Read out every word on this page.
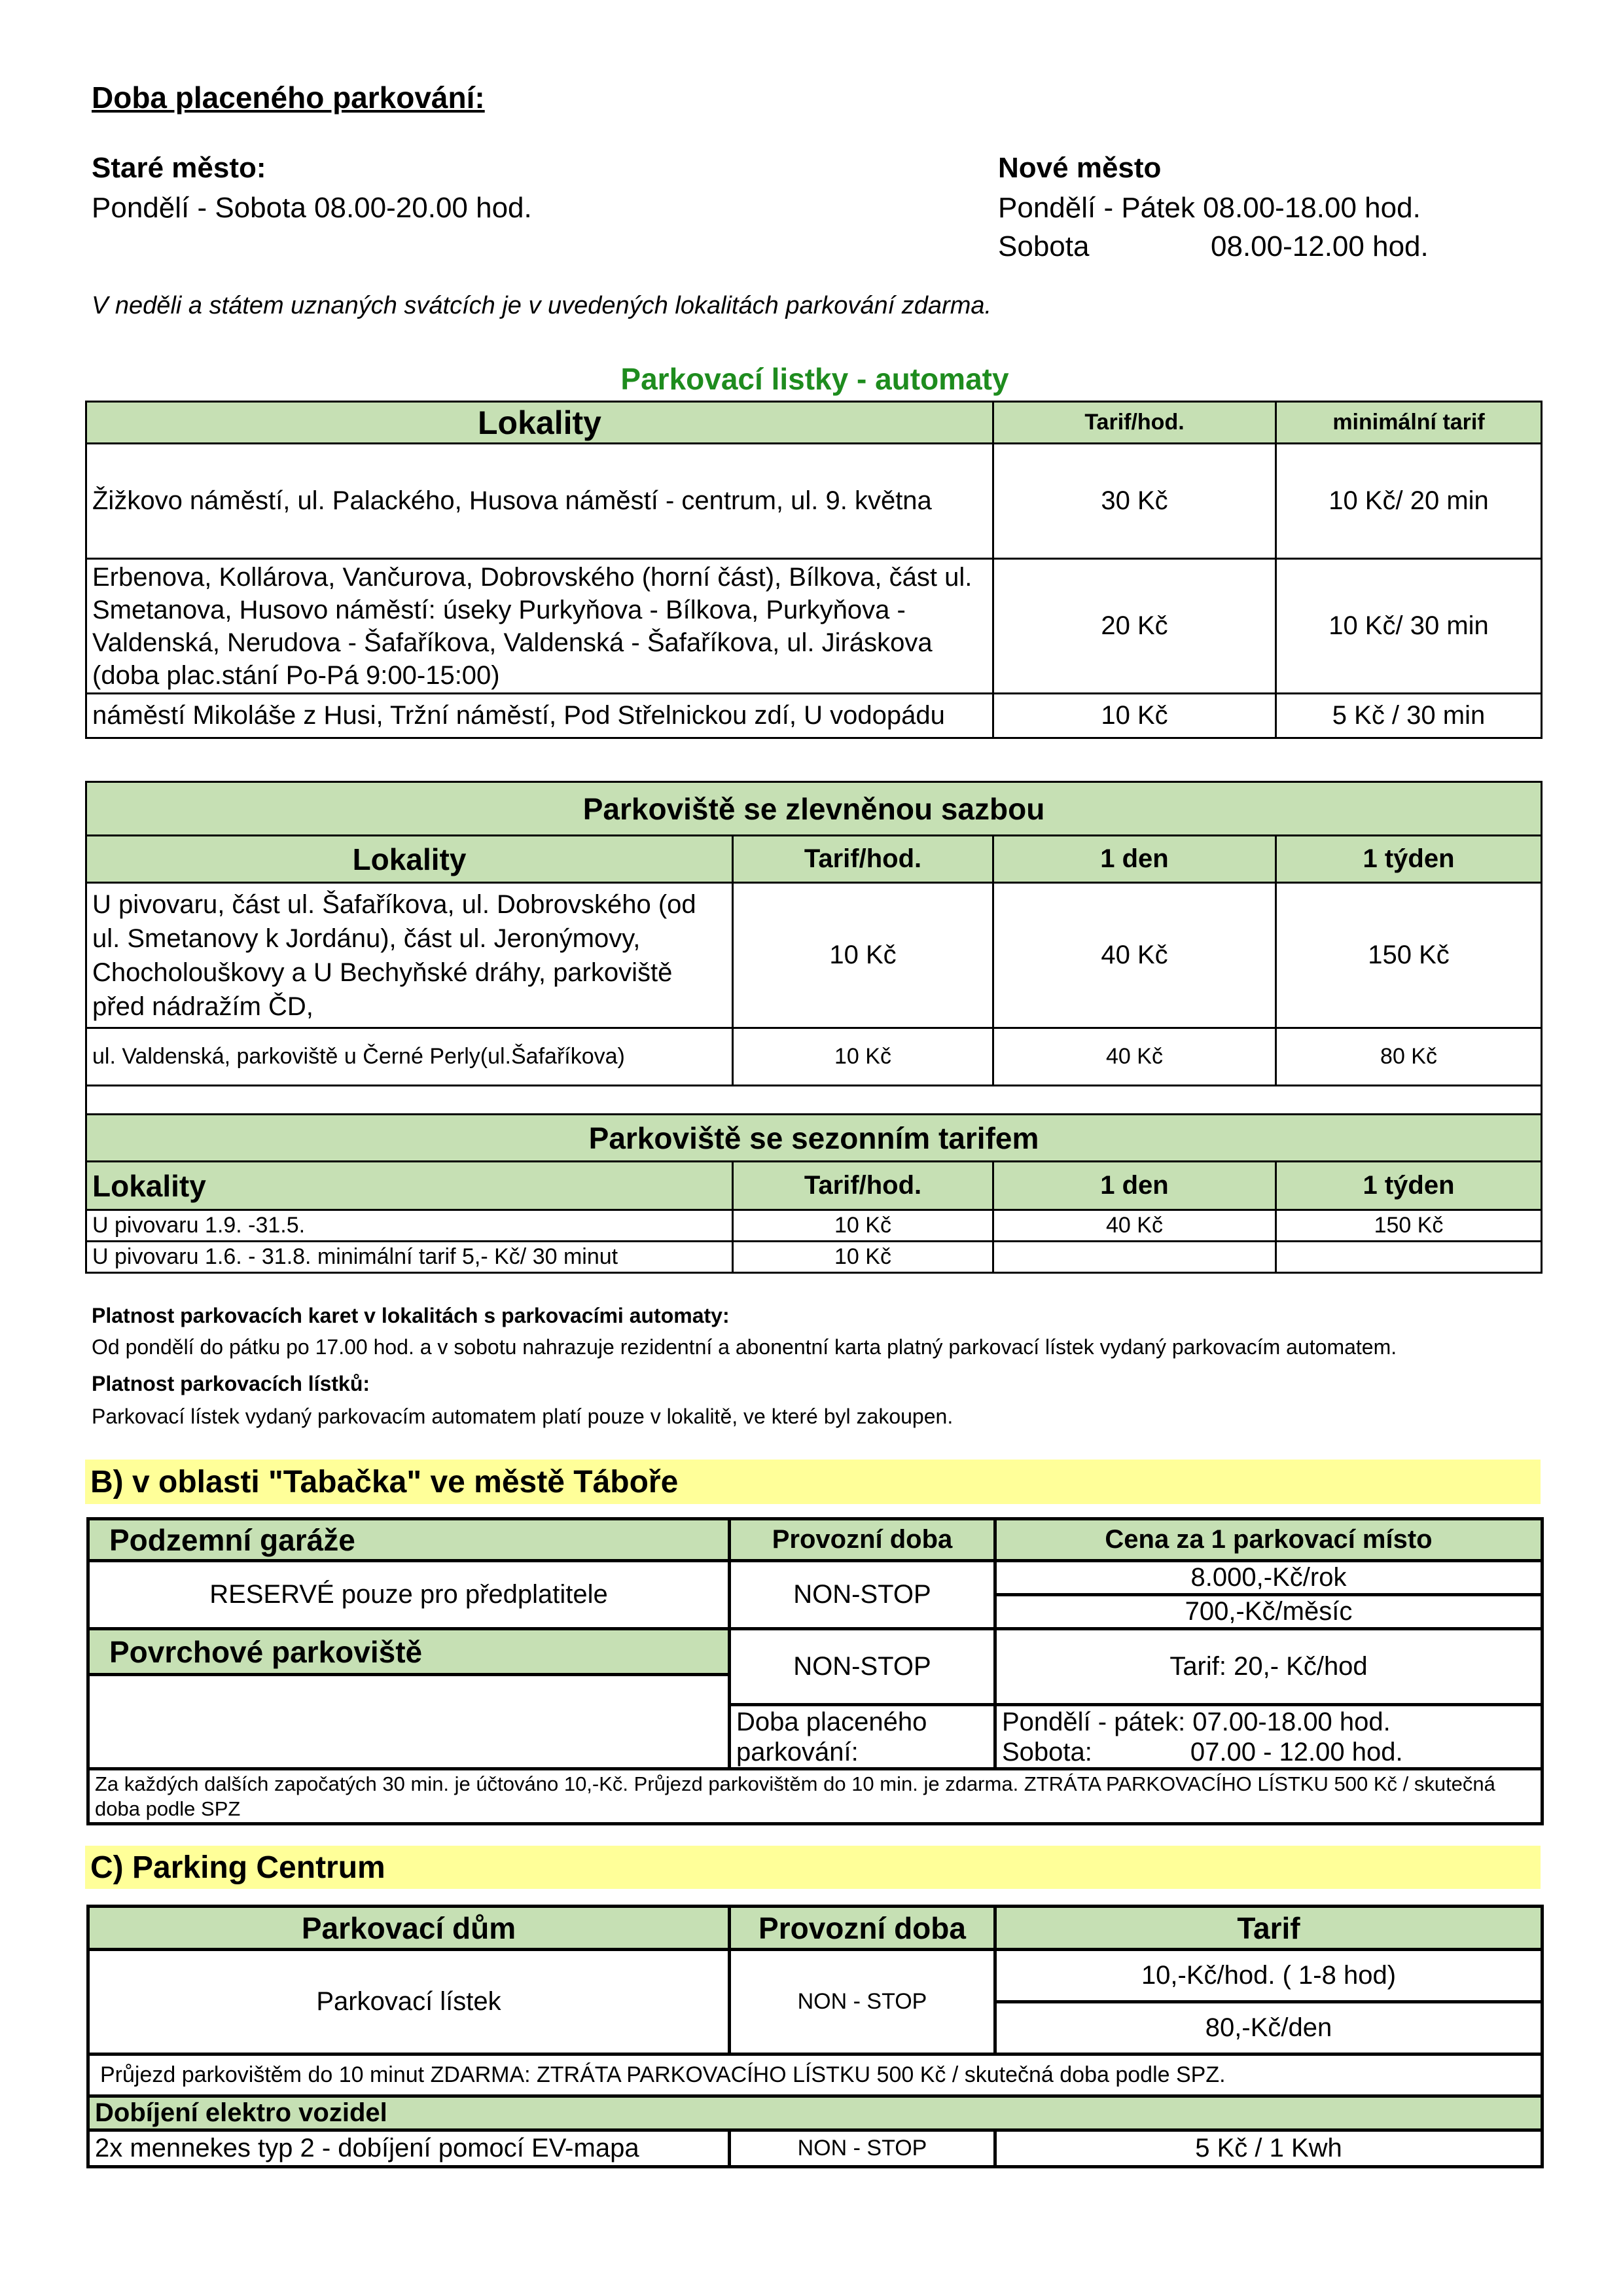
Doba placeného parkování:
Staré město:
Pondělí - Sobota 08.00-20.00 hod.
Nové město
Pondělí - Pátek 08.00-18.00 hod.
Sobota	08.00-12.00 hod.
V neděli a státem uznaných svátcích je v uvedených lokalitách parkování zdarma.
Parkovací listky - automaty
Lokality	Tarif/hod.	minimální tarif
Žižkovo náměstí, ul. Palackého, Husova náměstí - centrum, ul. 9. května	30 Kč	10 Kč/ 20 min
Erbenova, Kollárova, Vančurova, Dobrovského (horní část), Bílkova, část ul. Smetanova, Husovo náměstí: úseky Purkyňova - Bílkova, Purkyňova - Valdenská, Nerudova - Šafaříkova, Valdenská - Šafaříkova, ul. Jiráskova (doba plac.stání Po-Pá 9:00-15:00)	20 Kč	10 Kč/ 30 min
náměstí Mikoláše z Husi, Tržní náměstí, Pod Střelnickou zdí, U vodopádu	10 Kč	5 Kč / 30 min
Parkoviště se zlevněnou sazbou			
Lokality	Tarif/hod.	1 den	1 týden
U pivovaru, část ul. Šafaříkova, ul. Dobrovského (od ul. Smetanovy k Jordánu), část ul. Jeronýmovy, Chocholouškovy a U Bechyňské dráhy, parkoviště před nádražím ČD,	10 Kč	40 Kč	150 Kč
ul. Valdenská, parkoviště u Černé Perly(ul.Šafaříkova)	10 Kč	40 Kč	80 Kč

Parkoviště se sezonním tarifem			
Lokality	Tarif/hod.	1 den	1 týden
U pivovaru 1.9. -31.5.	10 Kč	40 Kč	150 Kč
U pivovaru 1.6. - 31.8. minimální tarif 5,- Kč/ 30 minut	10 Kč		
Platnost parkovacích karet v lokalitách s parkovacími automaty:
Od pondělí do pátku po 17.00 hod. a v sobotu nahrazuje rezidentní a abonentní karta platný parkovací lístek vydaný parkovacím automatem.
Platnost parkovacích lístků:
Parkovací lístek vydaný parkovacím automatem platí pouze v lokalitě, ve které byl zakoupen.
B) v oblasti "Tabačka" ve městě Táboře
Podzemní garáže	Provozní doba	Cena za 1 parkovací místo
RESERVÉ pouze pro předplatitele	NON-STOP	8.000,-Kč/rok
		700,-Kč/měsíc
Povrchové parkoviště	NON-STOP	Tarif: 20,- Kč/hod

	Doba placeného parkování:	Pondělí - pátek: 07.00-18.00 hod.
Sobota: 07.00 - 12.00 hod.

Za každých dalších započatých 30 min. je účtováno 10,-Kč. Průjezd parkovištěm do 10 min. je zdarma. ZTRÁTA PARKOVACÍHO LÍSTKU 500 Kč / skutečná doba podle SPZ		
C) Parking Centrum
Parkovací dům	Provozní doba	Tarif
Parkovací lístek	NON - STOP	10,-Kč/hod. ( 1-8 hod)
		80,-Kč/den
Průjezd parkovištěm do 10 minut ZDARMA: ZTRÁTA PARKOVACÍHO LÍSTKU 500 Kč / skutečná doba podle SPZ.		
Dobíjení elektro vozidel		
2x mennekes typ 2 - dobíjení pomocí EV-mapa	NON - STOP	5 Kč / 1 Kwh
